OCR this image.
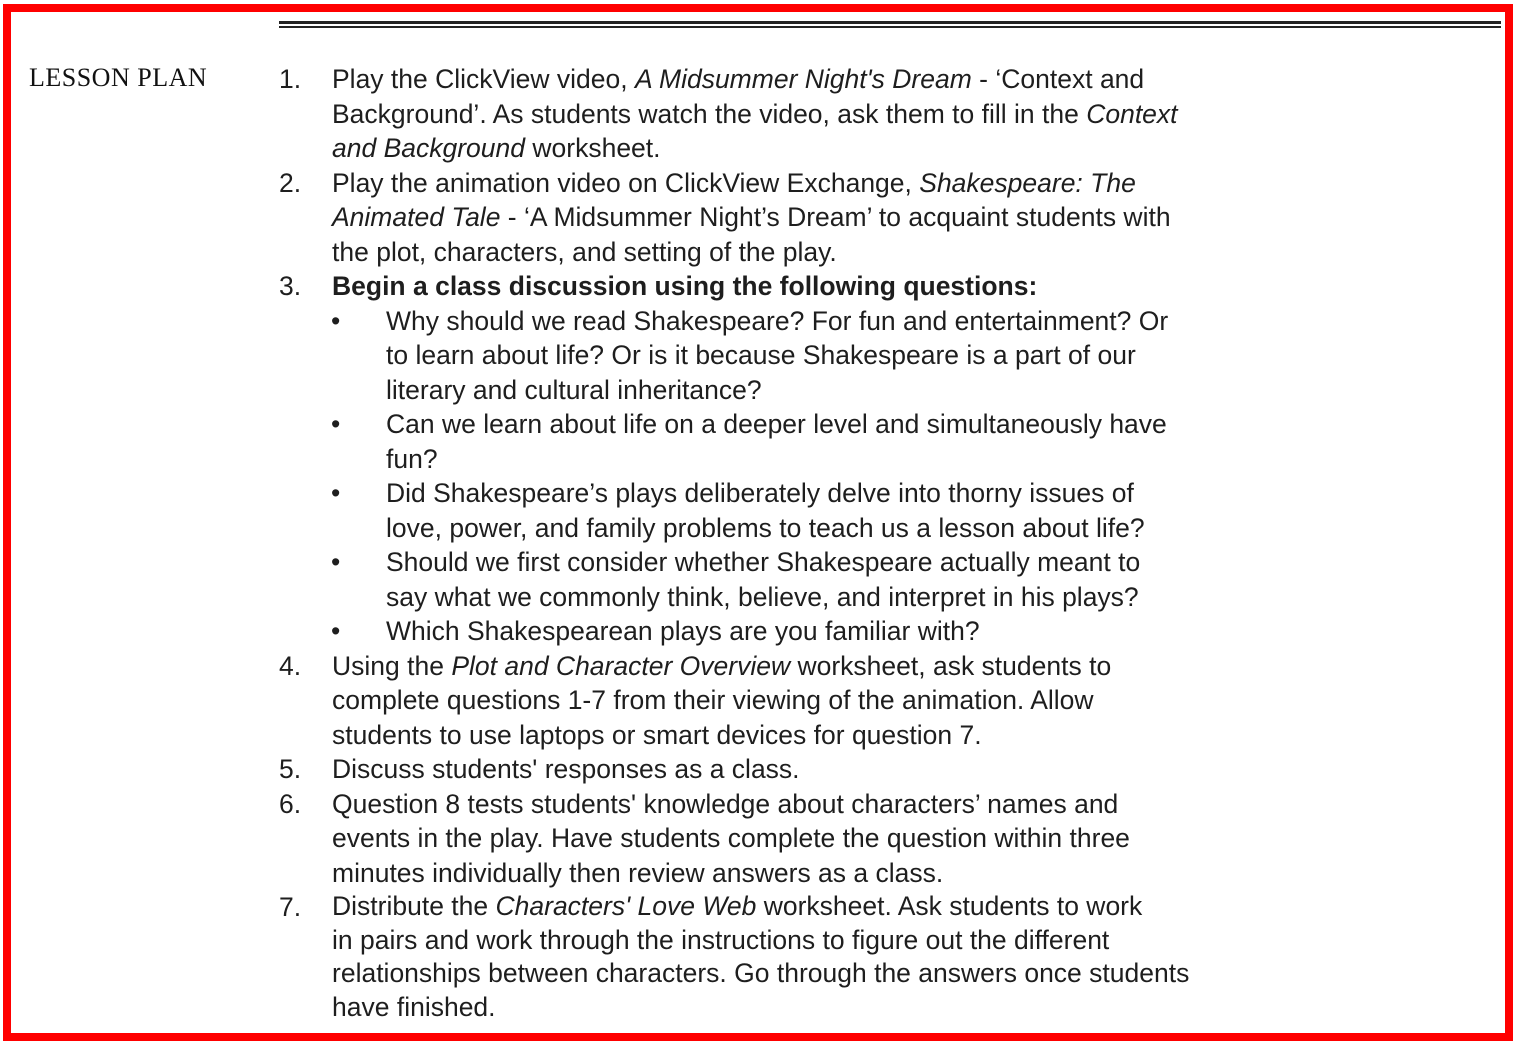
LESSON PLAN	1. Play the ClickView video, A Midsummer Night's Dream - ‘Context and
Background’. As students watch the video, ask them to fill in the Context
and Background worksheet.
2. Play the animation video on ClickView Exchange, Shakespeare: The
Animated Tale - ‘A Midsummer Night’s Dream’ to acquaint students with
the plot, characters, and setting of the play.
3. Begin a class discussion using the following questions:
• Why should we read Shakespeare? For fun and entertainment? Or
to learn about life? Or is it because Shakespeare is a part of our
literary and cultural inheritance?
• Can we learn about life on a deeper level and simultaneously have
fun?
• Did Shakespeare’s plays deliberately delve into thorny issues of
love, power, and family problems to teach us a lesson about life?
• Should we first consider whether Shakespeare actually meant to
say what we commonly think, believe, and interpret in his plays?
• Which Shakespearean plays are you familiar with?
4. Using the Plot and Character Overview worksheet, ask students to
complete questions 1-7 from their viewing of the animation. Allow
students to use laptops or smart devices for question 7.
5. Discuss students' responses as a class.
6. Question 8 tests students' knowledge about characters’ names and
events in the play. Have students complete the question within three
minutes individually then review answers as a class.
7. Distribute the Characters' Love Web worksheet. Ask students to work
in pairs and work through the instructions to figure out the different
relationships between characters. Go through the answers once students
have finished.
